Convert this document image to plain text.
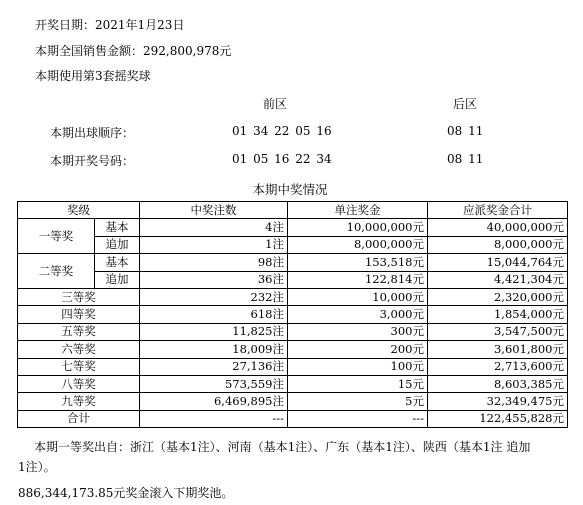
开奖日期：2021年1月23日
本期全国销售金额：292,800,978元
本期使用第3套摇奖球
前区	后区
本期出球顺序：	01 34 22 05 16	08 11
本期开奖号码：	01 05 16 22 34	08 11
本期中奖情况
奖级		中奖注数	单注奖金	应派奖金合计
一等奖	基本	4注	10,000,000元	40,000,000元
	追加	1注	8,000,000元	8,000,000元
二等奖	基本	98注	153,518元	15,044,764元
	追加	36注	122,814元	4,421,304元
三等奖		232注	10,000元	2,320,000元
四等奖		618注	3,000元	1,854,000元
五等奖		11,825注	300元	3,547,500元
六等奖		18,009注	200元	3,601,800元
七等奖		27,136注	100元	2,713,600元
八等奖		573,559注	15元	8,603,385元
九等奖		6,469,895注	5元	32,349,475元
合计		---	---	122,455,828元
本期一等奖出自：浙江（基本1注）、河南（基本1注）、广东（基本1注）、陕西（基本1注 追加
1注）。
886,344,173.85元奖金滚入下期奖池。
